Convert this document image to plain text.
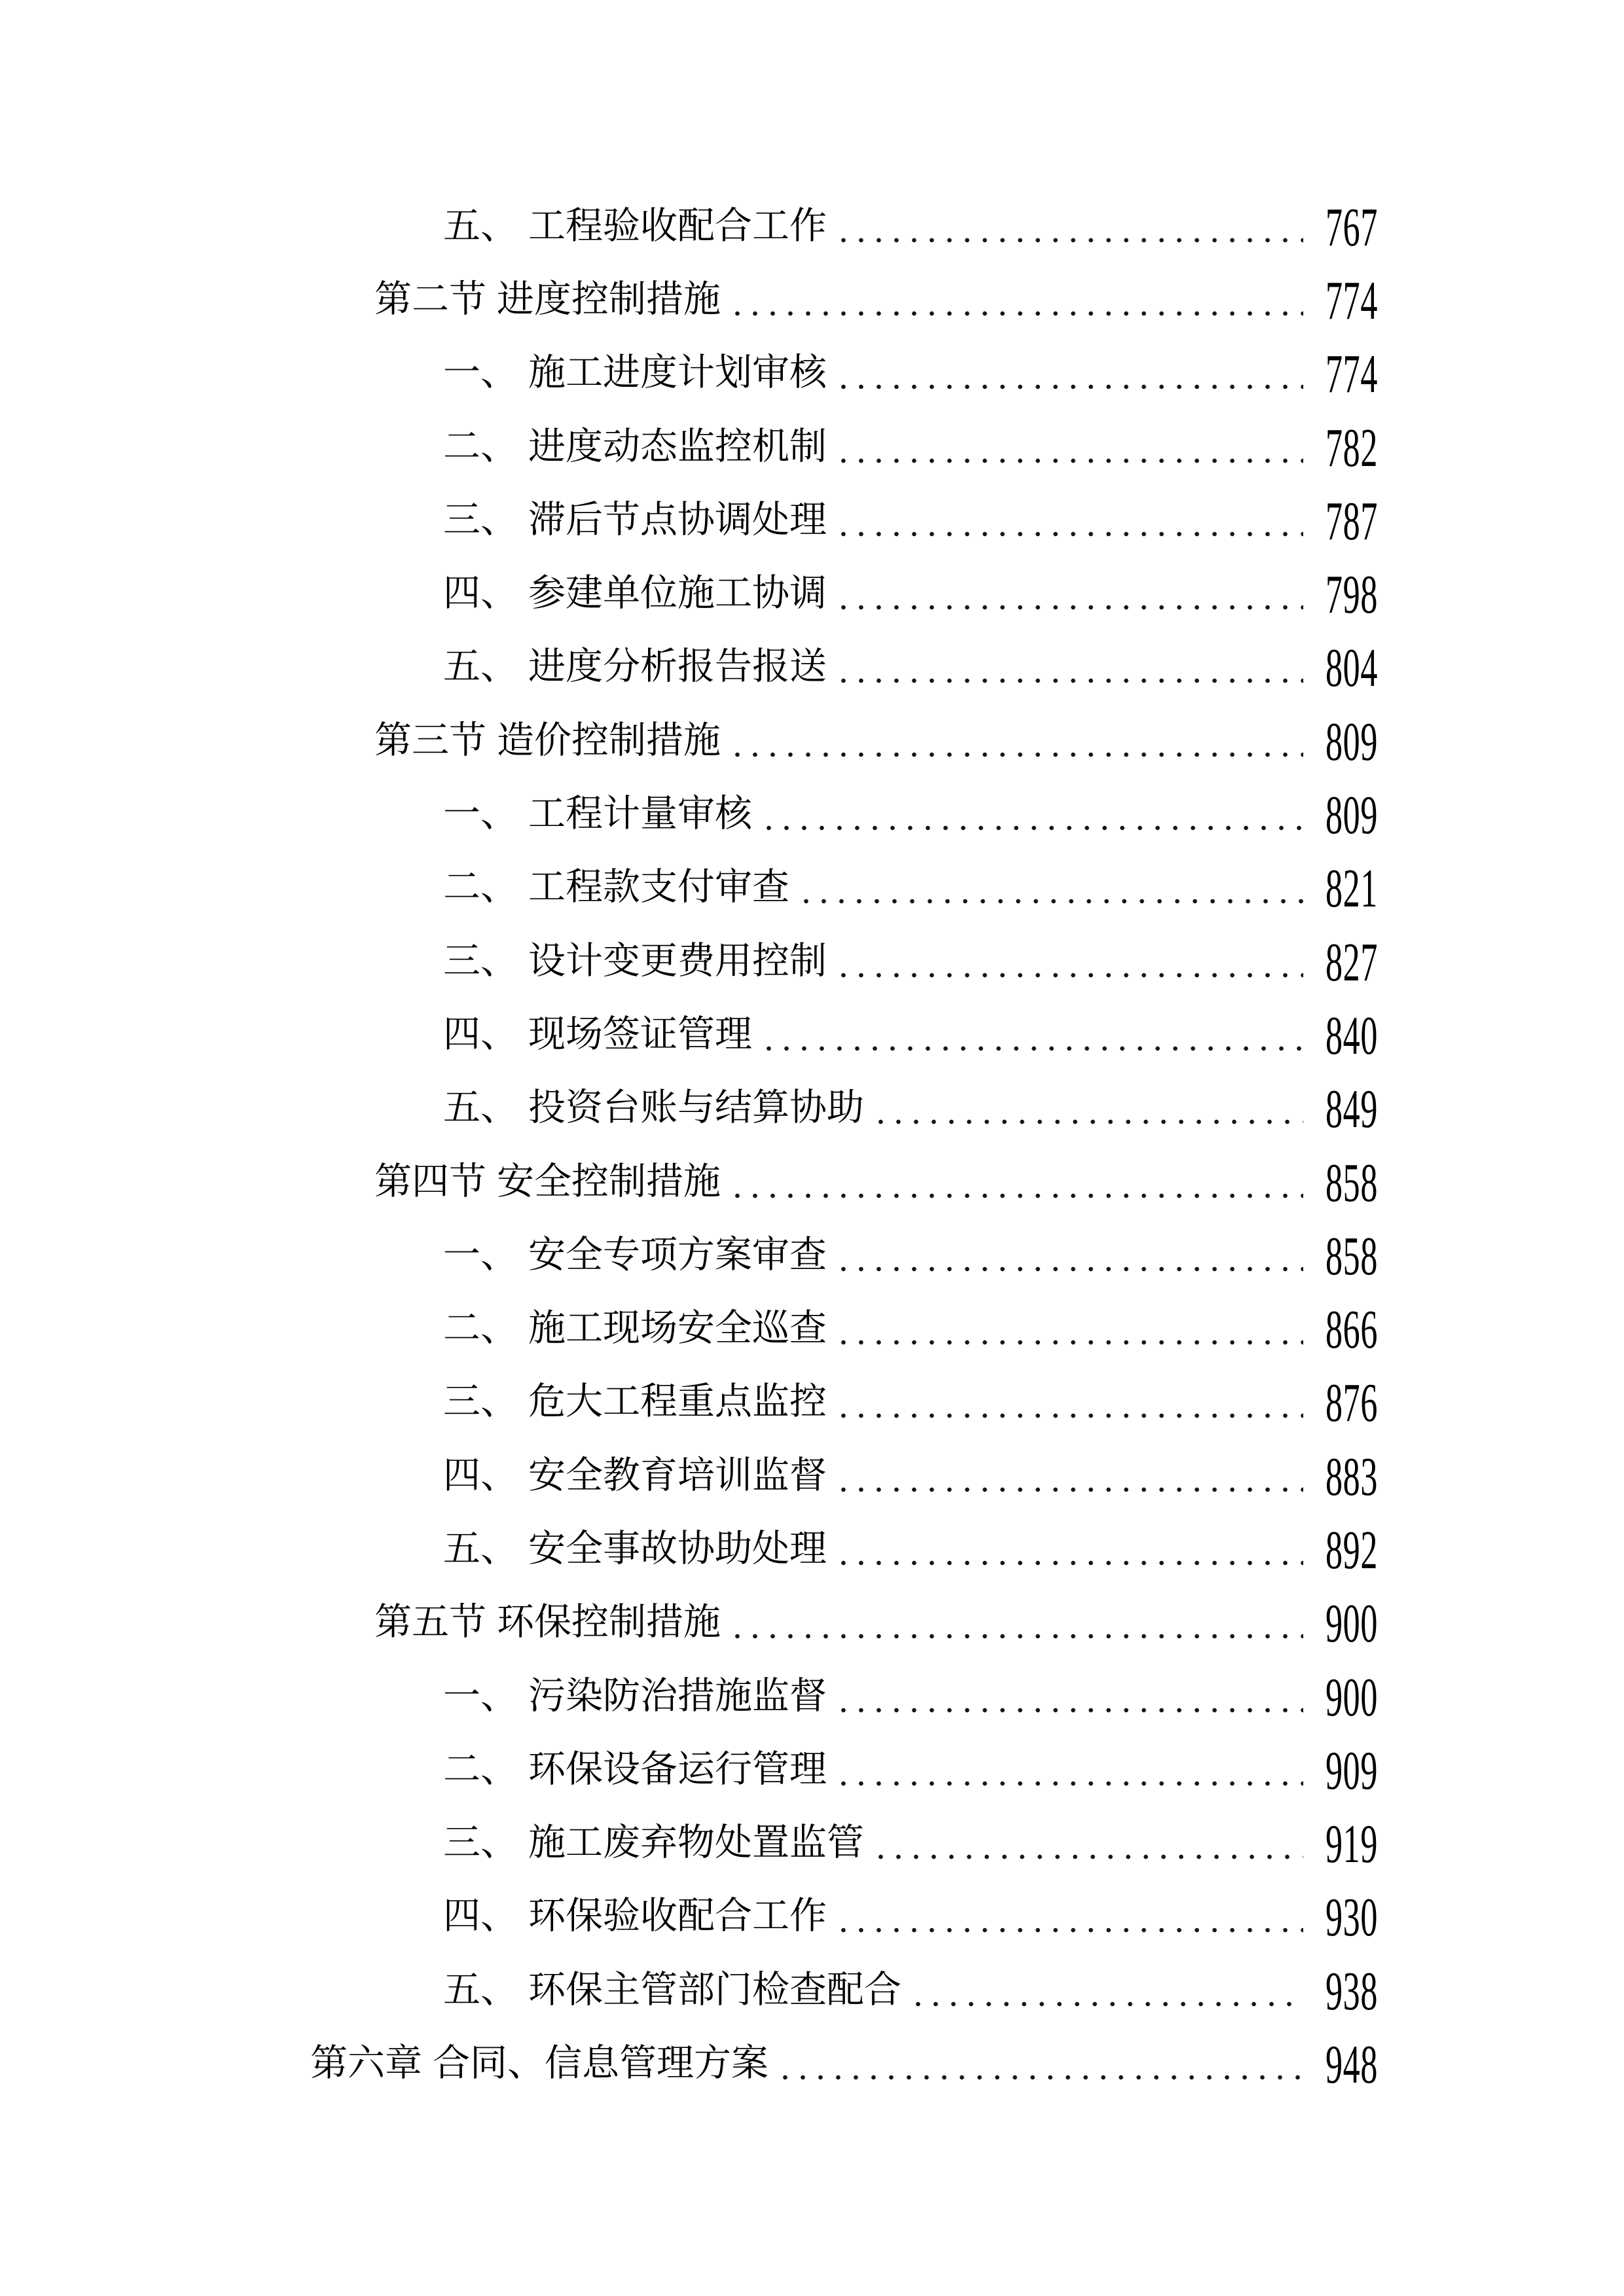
五、 工程验收配合工作	767
第二节 进度控制措施	774
一、 施工进度计划审核	774
二、 进度动态监控机制	782
三、 滞后节点协调处理	787
四、 参建单位施工协调	798
五、 进度分析报告报送	804
第三节 造价控制措施	809
一、 工程计量审核	809
二、 工程款支付审查	821
三、 设计变更费用控制	827
四、 现场签证管理	840
五、 投资台账与结算协助	849
第四节 安全控制措施	858
一、 安全专项方案审查	858
二、 施工现场安全巡查	866
三、 危大工程重点监控	876
四、 安全教育培训监督	883
五、 安全事故协助处理	892
第五节 环保控制措施	900
一、 污染防治措施监督	900
二、 环保设备运行管理	909
三、 施工废弃物处置监管	919
四、 环保验收配合工作	930
五、 环保主管部门检查配合	938
第六章 合同、信息管理方案	948
